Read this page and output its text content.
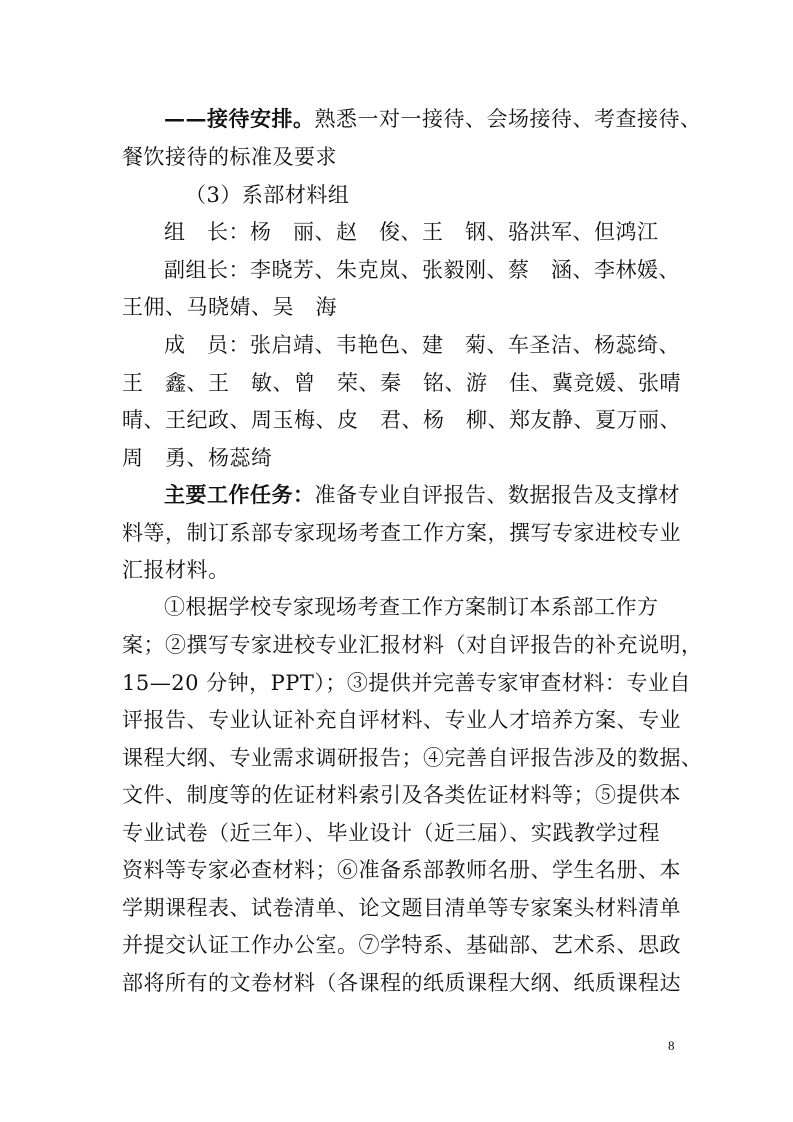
——接待安排。熟悉一对一接待、会场接待、考查接待、
餐饮接待的标准及要求
（3）系部材料组
组　长：杨　丽、赵　俊、王　钢、骆洪军、但鸿江
副组长：李晓芳、朱克岚、张毅刚、蔡　涵、李林媛、
王佣、马晓婧、吴　海
成　员：张启靖、韦艳色、建　菊、车圣洁、杨蕊绮、
王　鑫、王　敏、曾　荣、秦　铭、游　佳、冀竞媛、张晴
晴、王纪政、周玉梅、皮　君、杨　柳、郑友静、夏万丽、
周　勇、杨蕊绮
主要工作任务：准备专业自评报告、数据报告及支撑材
料等，制订系部专家现场考查工作方案，撰写专家进校专业
汇报材料。
①根据学校专家现场考查工作方案制订本系部工作方
案；②撰写专家进校专业汇报材料（对自评报告的补充说明，
15—20 分钟，PPT）；③提供并完善专家审查材料：专业自
评报告、专业认证补充自评材料、专业人才培养方案、专业
课程大纲、专业需求调研报告；④完善自评报告涉及的数据、
文件、制度等的佐证材料索引及各类佐证材料等；⑤提供本
专业试卷（近三年）、毕业设计（近三届）、实践教学过程
资料等专家必查材料；⑥准备系部教师名册、学生名册、本
学期课程表、试卷清单、论文题目清单等专家案头材料清单
并提交认证工作办公室。⑦学特系、基础部、艺术系、思政
部将所有的文卷材料（各课程的纸质课程大纲、纸质课程达
8
